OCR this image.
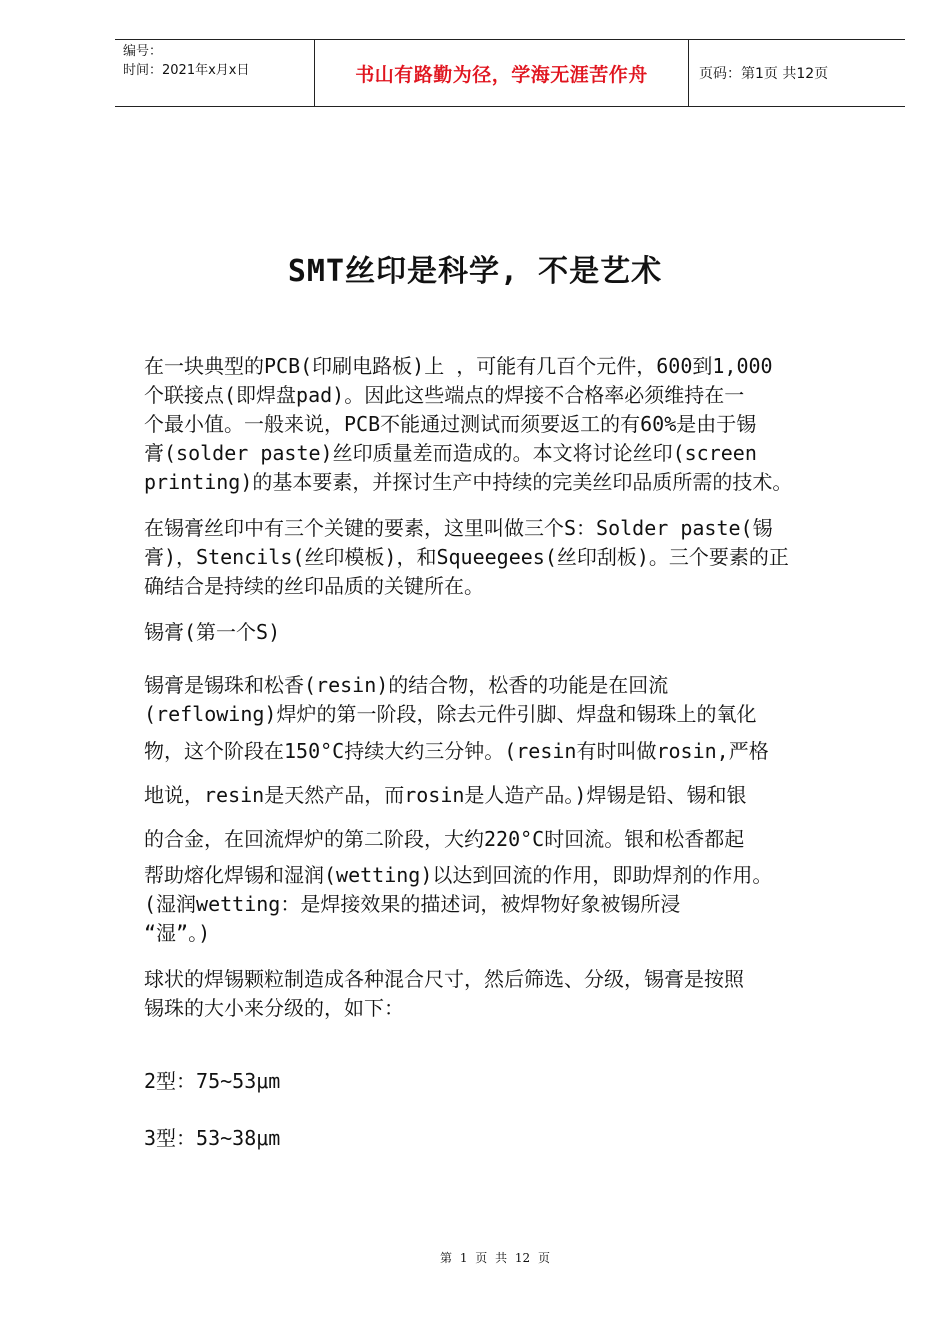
编号：
时间：2021年x月x日	书山有路勤为径，学海无涯苦作舟	页码：第1页 共12页
SMT丝印是科学, 不是艺术

在一块典型的PCB(印刷电路板)上 ，可能有几百个元件，600到1,000

个联接点(即焊盘pad)。因此这些端点的焊接不合格率必须维持在一

个最小值。一般来说，PCB不能通过测试而须要返工的有60%是由于锡

膏(solder paste)丝印质量差而造成的。本文将讨论丝印(screen

printing)的基本要素，并探讨生产中持续的完美丝印品质所需的技术。

在锡膏丝印中有三个关键的要素，这里叫做三个S：Solder paste(锡

膏)，Stencils(丝印模板)，和Squeegees(丝印刮板)。三个要素的正

确结合是持续的丝印品质的关键所在。

锡膏(第一个S)

锡膏是锡珠和松香(resin)的结合物，松香的功能是在回流

(reflowing)焊炉的第一阶段，除去元件引脚、焊盘和锡珠上的氧化

物，这个阶段在150°C持续大约三分钟。(resin有时叫做rosin,严格

地说，resin是天然产品，而rosin是人造产品。)焊锡是铅、锡和银

的合金，在回流焊炉的第二阶段，大约220°C时回流。银和松香都起

帮助熔化焊锡和湿润(wetting)以达到回流的作用，即助焊剂的作用。

(湿润wetting：是焊接效果的描述词，被焊物好象被锡所浸

“湿”。)

球状的焊锡颗粒制造成各种混合尺寸，然后筛选、分级，锡膏是按照

锡珠的大小来分级的，如下：

2型：75~53μm

3型：53~38μm

第 1 页 共 12 页
